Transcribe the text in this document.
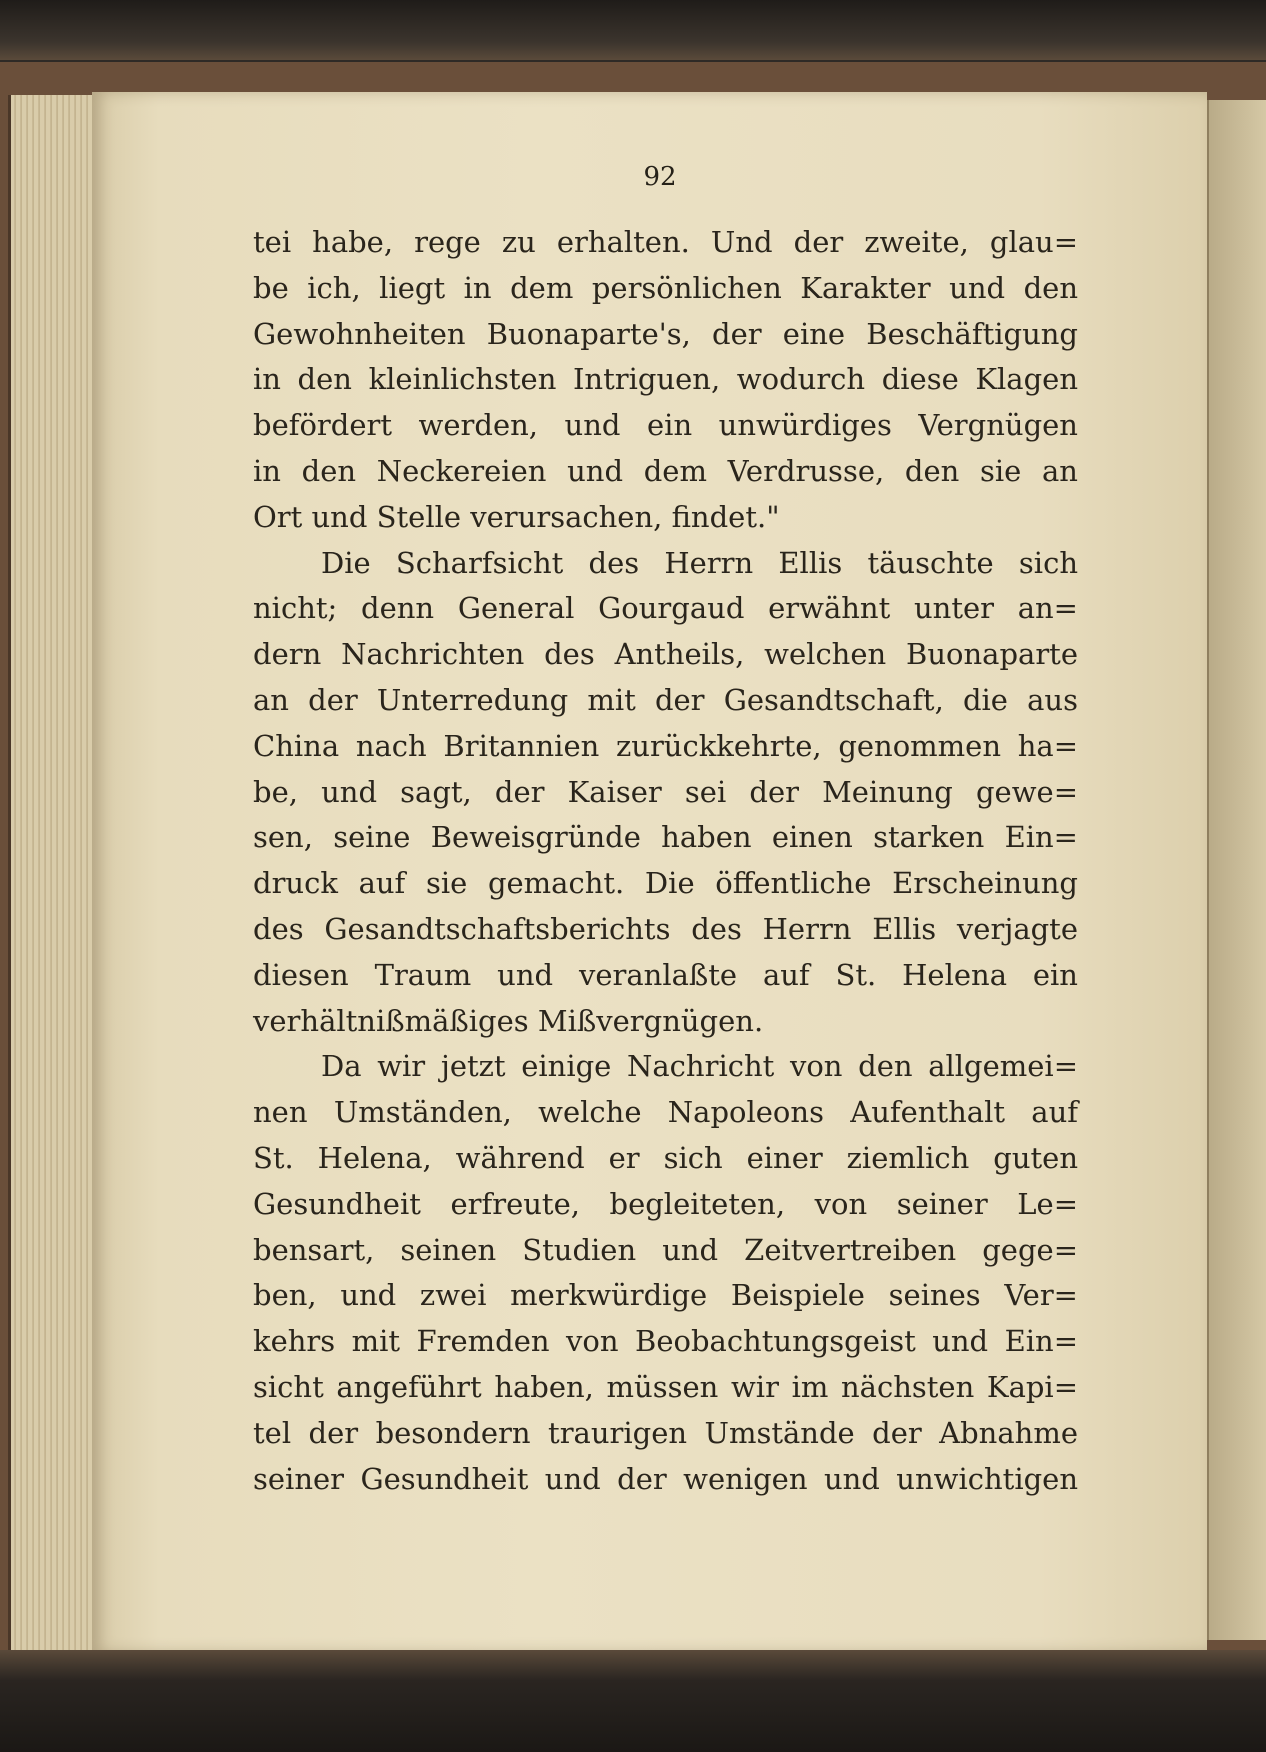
92
tei habe, rege zu erhalten. Und der zweite, glau=
be ich, liegt in dem persönlichen Karakter und den
Gewohnheiten Buonaparte's, der eine Beschäftigung
in den kleinlichsten Intriguen, wodurch diese Klagen
befördert werden, und ein unwürdiges Vergnügen
in den Neckereien und dem Verdrusse, den sie an
Ort und Stelle verursachen, findet."
Die Scharfsicht des Herrn Ellis täuschte sich
nicht; denn General Gourgaud erwähnt unter an=
dern Nachrichten des Antheils, welchen Buonaparte
an der Unterredung mit der Gesandtschaft, die aus
China nach Britannien zurückkehrte, genommen ha=
be, und sagt, der Kaiser sei der Meinung gewe=
sen, seine Beweisgründe haben einen starken Ein=
druck auf sie gemacht. Die öffentliche Erscheinung
des Gesandtschaftsberichts des Herrn Ellis verjagte
diesen Traum und veranlaßte auf St. Helena ein
verhältnißmäßiges Mißvergnügen.
Da wir jetzt einige Nachricht von den allgemei=
nen Umständen, welche Napoleons Aufenthalt auf
St. Helena, während er sich einer ziemlich guten
Gesundheit erfreute, begleiteten, von seiner Le=
bensart, seinen Studien und Zeitvertreiben gege=
ben, und zwei merkwürdige Beispiele seines Ver=
kehrs mit Fremden von Beobachtungsgeist und Ein=
sicht angeführt haben, müssen wir im nächsten Kapi=
tel der besondern traurigen Umstände der Abnahme
seiner Gesundheit und der wenigen und unwichtigen
